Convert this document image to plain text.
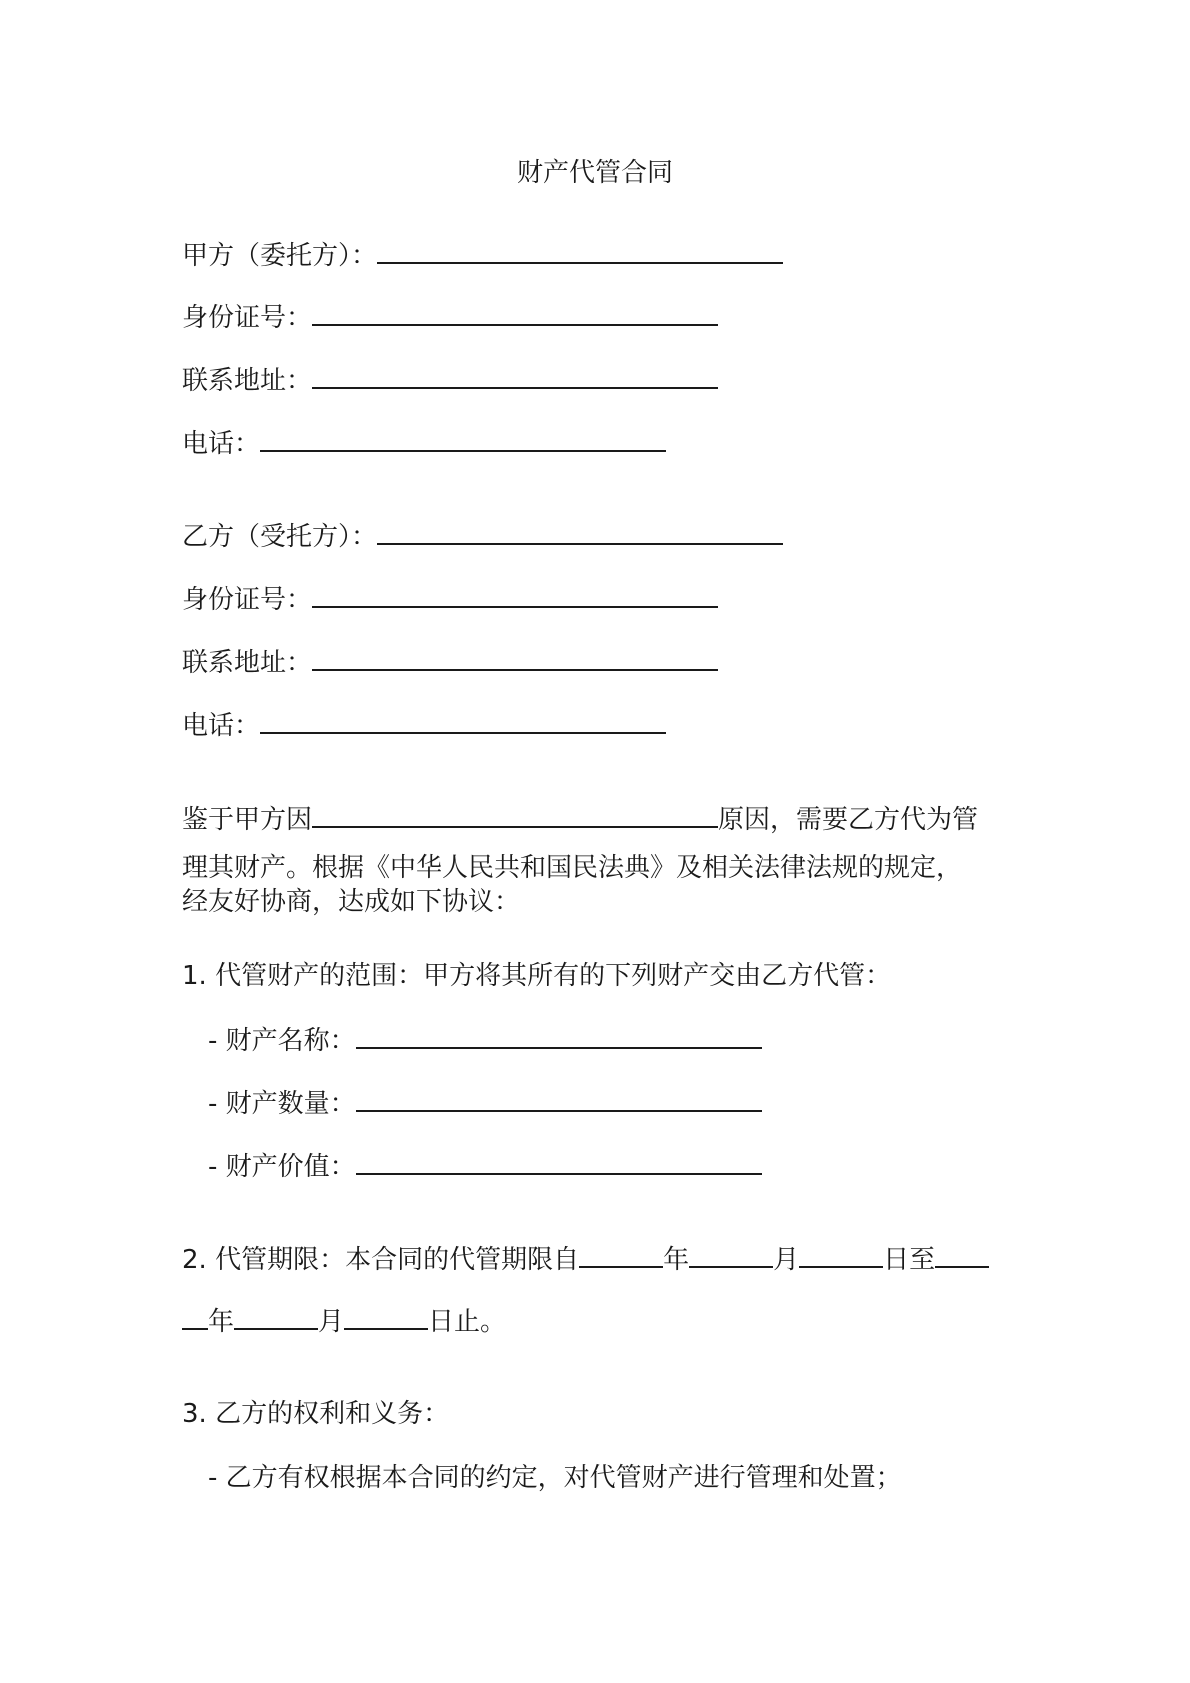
财产代管合同
甲方（委托方）：
身份证号：
联系地址：
电话：
乙方（受托方）：
身份证号：
联系地址：
电话：
鉴于甲方因	原因，需要乙方代为管
理其财产。根据《中华人民共和国民法典》及相关法律法规的规定，
经友好协商，达成如下协议：
1. 代管财产的范围：甲方将其所有的下列财产交由乙方代管：
- 财产名称：
- 财产数量：
- 财产价值：
2. 代管期限：本合同的代管期限自	年	月	日至
年	月	日止。
3. 乙方的权利和义务：
- 乙方有权根据本合同的约定，对代管财产进行管理和处置；
